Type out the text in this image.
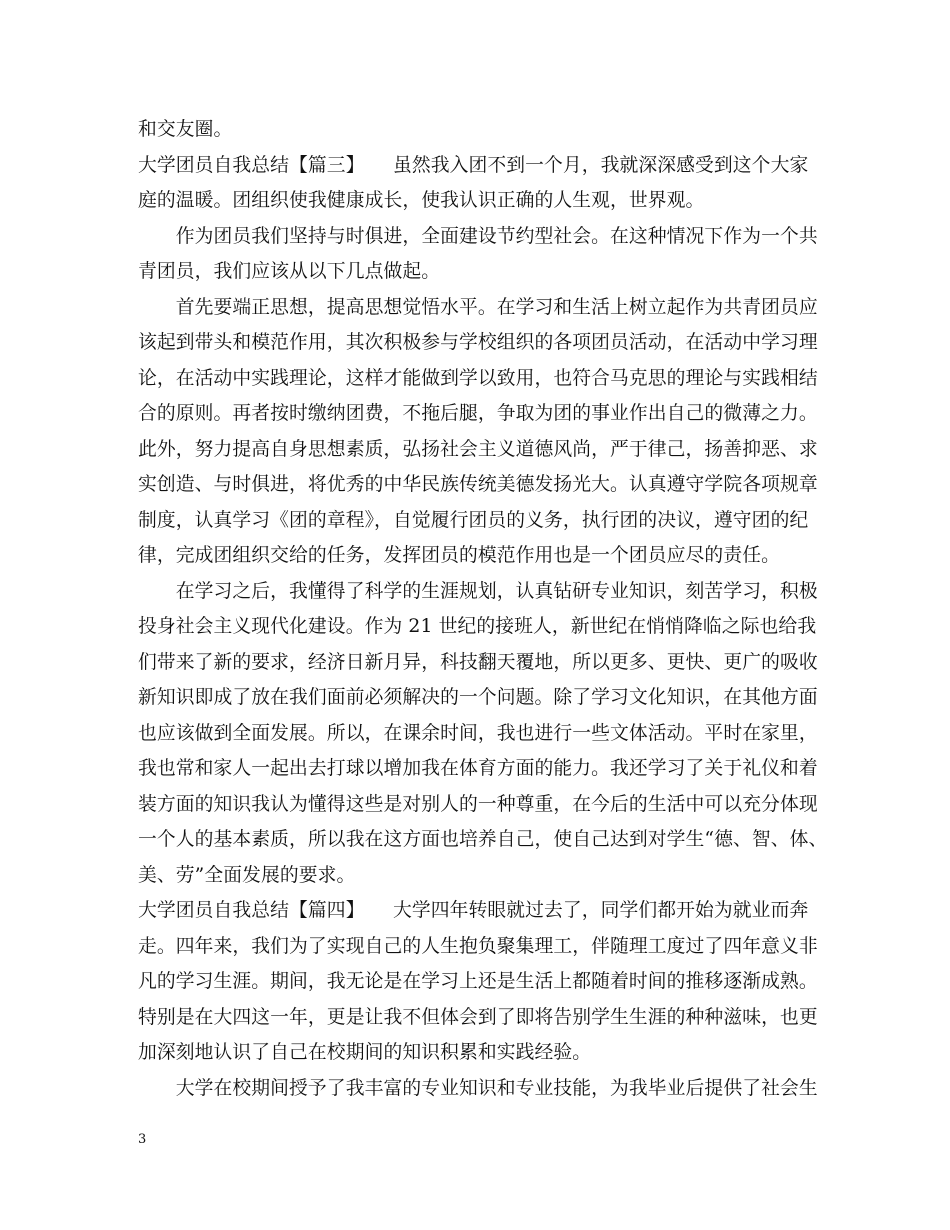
和交友圈。
大学团员自我总结【篇三】　　虽然我入团不到一个月，我就深深感受到这个大家
庭的温暖。团组织使我健康成长，使我认识正确的人生观，世界观。
　　作为团员我们坚持与时俱进，全面建设节约型社会。在这种情况下作为一个共
青团员，我们应该从以下几点做起。
　　首先要端正思想，提高思想觉悟水平。在学习和生活上树立起作为共青团员应
该起到带头和模范作用，其次积极参与学校组织的各项团员活动，在活动中学习理
论，在活动中实践理论，这样才能做到学以致用，也符合马克思的理论与实践相结
合的原则。再者按时缴纳团费，不拖后腿，争取为团的事业作出自己的微薄之力。
此外，努力提高自身思想素质，弘扬社会主义道德风尚，严于律己，扬善抑恶、求
实创造、与时俱进，将优秀的中华民族传统美德发扬光大。认真遵守学院各项规章
制度，认真学习《团的章程》，自觉履行团员的义务，执行团的决议，遵守团的纪
律，完成团组织交给的任务，发挥团员的模范作用也是一个团员应尽的责任。
　　在学习之后，我懂得了科学的生涯规划，认真钻研专业知识，刻苦学习，积极
投身社会主义现代化建设。作为 21 世纪的接班人，新世纪在悄悄降临之际也给我
们带来了新的要求，经济日新月异，科技翻天覆地，所以更多、更快、更广的吸收
新知识即成了放在我们面前必须解决的一个问题。除了学习文化知识，在其他方面
也应该做到全面发展。所以，在课余时间，我也进行一些文体活动。平时在家里，
我也常和家人一起出去打球以增加我在体育方面的能力。我还学习了关于礼仪和着
装方面的知识我认为懂得这些是对别人的一种尊重，在今后的生活中可以充分体现
一个人的基本素质，所以我在这方面也培养自己，使自己达到对学生“德、智、体、
美、劳”全面发展的要求。
大学团员自我总结【篇四】　　大学四年转眼就过去了，同学们都开始为就业而奔
走。四年来，我们为了实现自己的人生抱负聚集理工，伴随理工度过了四年意义非
凡的学习生涯。期间，我无论是在学习上还是生活上都随着时间的推移逐渐成熟。
特别是在大四这一年，更是让我不但体会到了即将告别学生生涯的种种滋味，也更
加深刻地认识了自己在校期间的知识积累和实践经验。
　　大学在校期间授予了我丰富的专业知识和专业技能，为我毕业后提供了社会生
3
